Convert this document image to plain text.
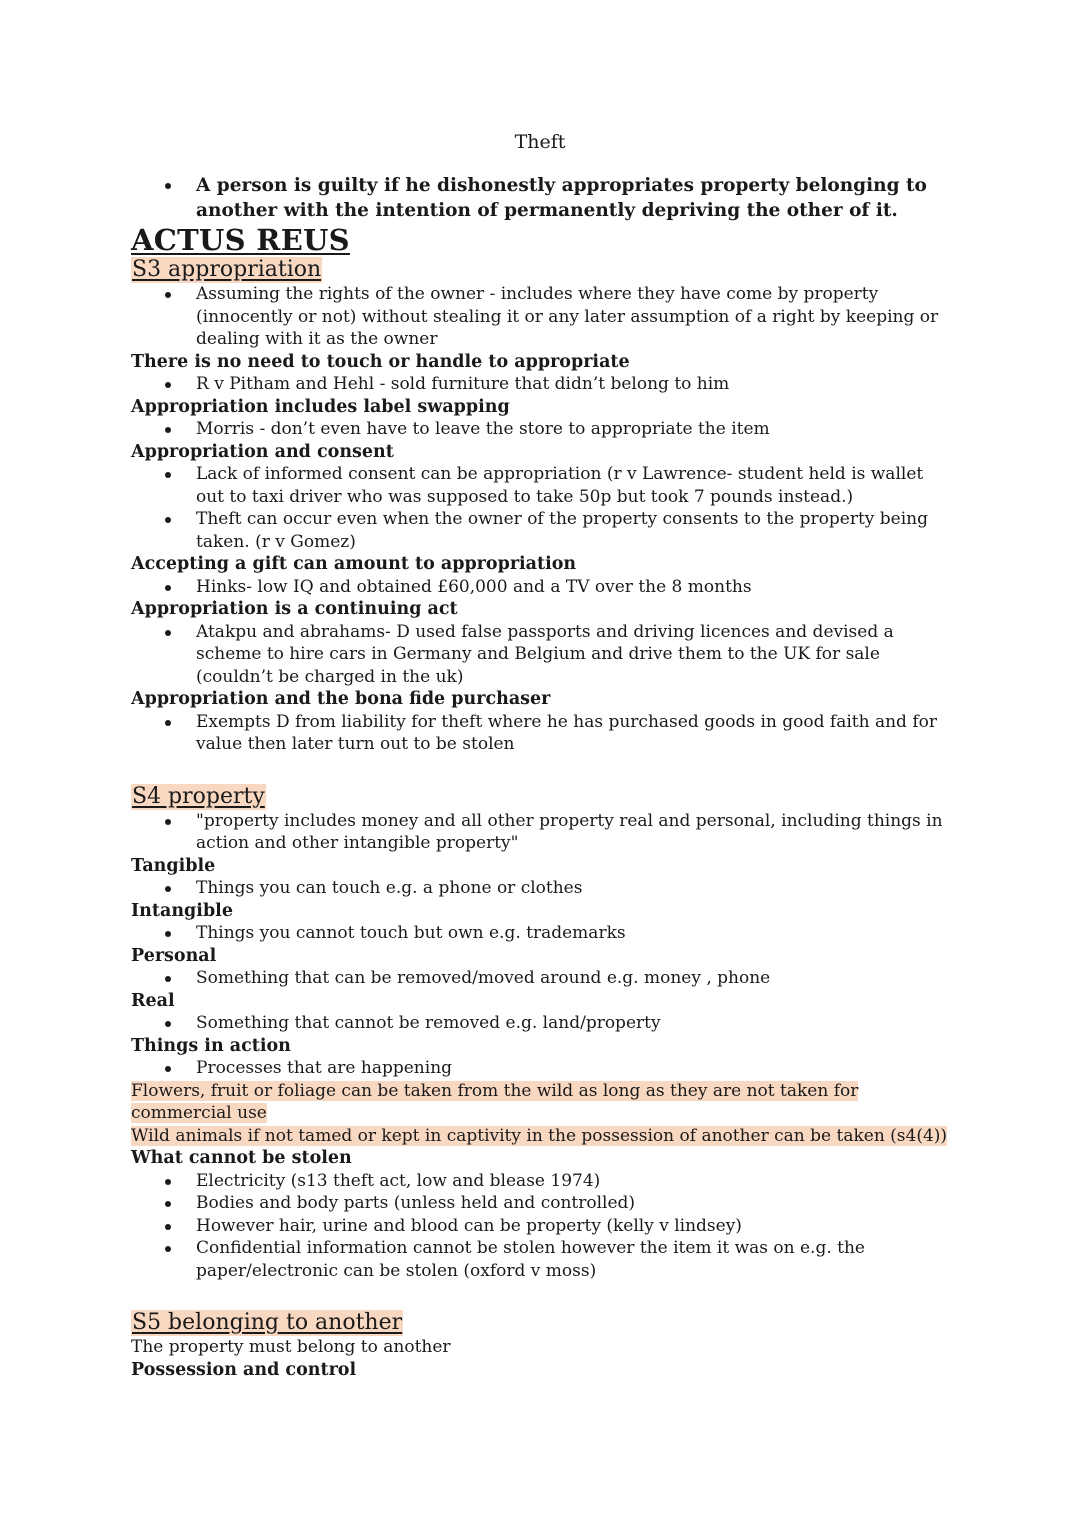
Theft
A person is guilty if he dishonestly appropriates property belonging to another with the intention of permanently depriving the other of it.
ACTUS REUS
S3 appropriation
Assuming the rights of the owner - includes where they have come by property (innocently or not) without stealing it or any later assumption of a right by keeping or dealing with it as the owner
There is no need to touch or handle to appropriate
R v Pitham and Hehl - sold furniture that didn’t belong to him
Appropriation includes label swapping
Morris - don’t even have to leave the store to appropriate the item
Appropriation and consent
Lack of informed consent can be appropriation (r v Lawrence- student held is wallet out to taxi driver who was supposed to take 50p but took 7 pounds instead.)
Theft can occur even when the owner of the property consents to the property being taken. (r v Gomez)
Accepting a gift can amount to appropriation
Hinks- low IQ and obtained £60,000 and a TV over the 8 months
Appropriation is a continuing act
Atakpu and abrahams- D used false passports and driving licences and devised a scheme to hire cars in Germany and Belgium and drive them to the UK for sale (couldn’t be charged in the uk)
Appropriation and the bona fide purchaser
Exempts D from liability for theft where he has purchased goods in good faith and for value then later turn out to be stolen
S4 property
"property includes money and all other property real and personal, including things in action and other intangible property"
Tangible
Things you can touch e.g. a phone or clothes
Intangible
Things you cannot touch but own e.g. trademarks
Personal
Something that can be removed/moved around e.g. money , phone
Real
Something that cannot be removed e.g. land/property
Things in action
Processes that are happening
Flowers, fruit or foliage can be taken from the wild as long as they are not taken for commercial use
Wild animals if not tamed or kept in captivity in the possession of another can be taken (s4(4))
What cannot be stolen
Electricity (s13 theft act, low and blease 1974)
Bodies and body parts (unless held and controlled)
However hair, urine and blood can be property (kelly v lindsey)
Confidential information cannot be stolen however the item it was on e.g. the paper/electronic can be stolen (oxford v moss)
S5 belonging to another
The property must belong to another
Possession and control
